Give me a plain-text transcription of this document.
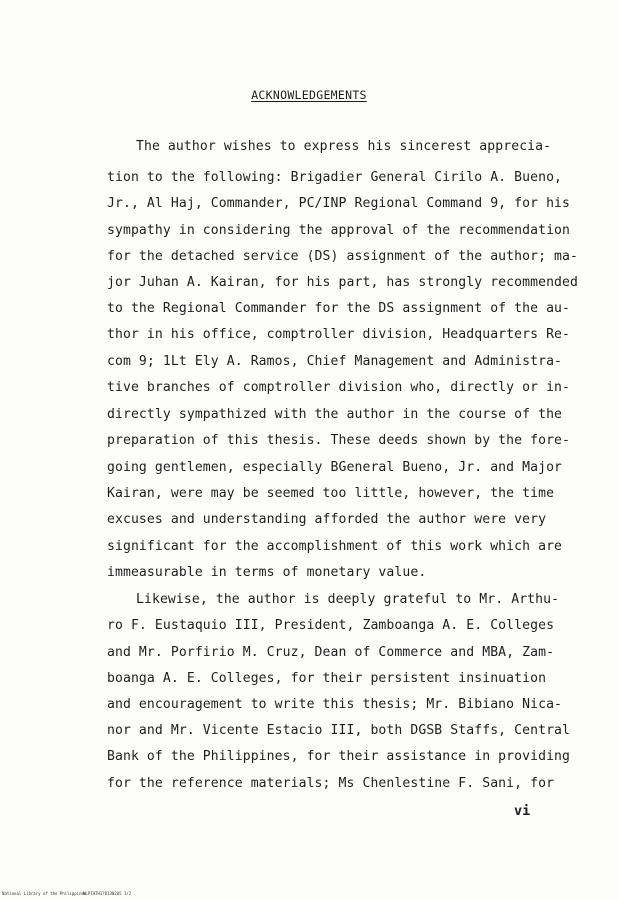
ACKNOWLEDGEMENTS
The author wishes to express his sincerest apprecia-
tion to the following: Brigadier General Cirilo A. Bueno,
Jr., Al Haj, Commander, PC/INP Regional Command 9, for his
sympathy in considering the approval of the recommendation
for the detached service (DS) assignment of the author; ma-
jor Juhan A. Kairan, for his part, has strongly recommended
to the Regional Commander for the DS assignment of the au-
thor in his office, comptroller division, Headquarters Re-
com 9; 1Lt Ely A. Ramos, Chief Management and Administra-
tive branches of comptroller division who, directly or in-
directly sympathized with the author in the course of the
preparation of this thesis. These deeds shown by the fore-
going gentlemen, especially BGeneral Bueno, Jr. and Major
Kairan, were may be seemed too little, however, the time
excuses and understanding afforded the author were very
significant for the accomplishment of this work which are
immeasurable in terms of monetary value.
Likewise, the author is deeply grateful to Mr. Arthu-
ro F. Eustaquio III, President, Zamboanga A. E. Colleges
and Mr. Porfirio M. Cruz, Dean of Commerce and MBA, Zam-
boanga A. E. Colleges, for their persistent insinuation
and encouragement to write this thesis; Mr. Bibiano Nica-
nor and Mr. Vicente Estacio III, both DGSB Staffs, Central
Bank of the Philippines, for their assistance in providing
for the reference materials; Ms Chenlestine F. Sani, for
vi
National Library of the Philippines
NLPTHTH170130205 1/2
